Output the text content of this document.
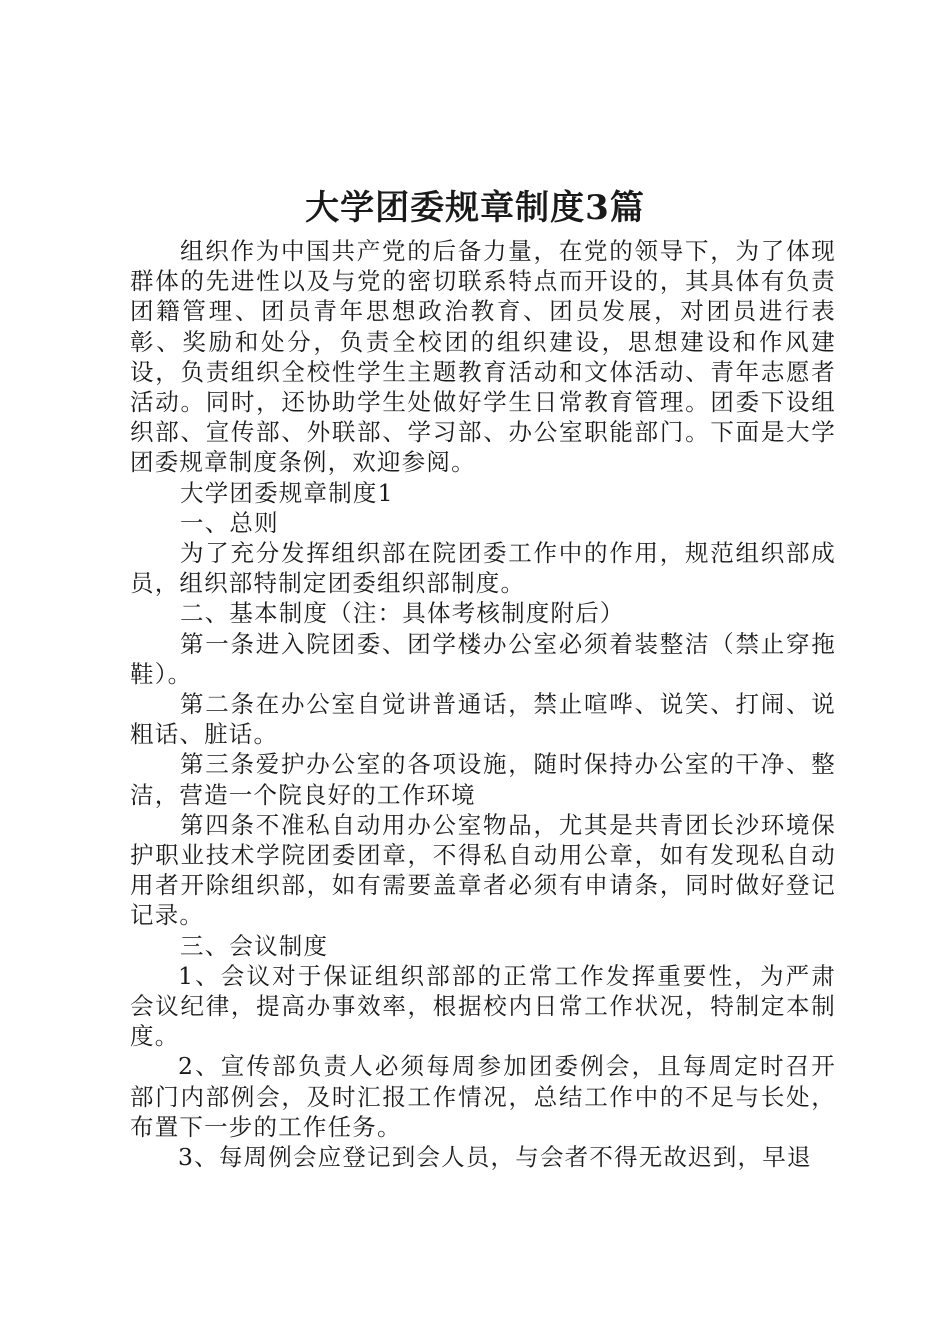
大学团委规章制度3篇

组织作为中国共产党的后备力量，在党的领导下，为了体现群体的先进性以及与党的密切联系特点而开设的，其具体有负责团籍管理、团员青年思想政治教育、团员发展，对团员进行表彰、奖励和处分，负责全校团的组织建设，思想建设和作风建设，负责组织全校性学生主题教育活动和文体活动、青年志愿者活动。同时，还协助学生处做好学生日常教育管理。团委下设组织部、宣传部、外联部、学习部、办公室职能部门。下面是大学团委规章制度条例，欢迎参阅。

大学团委规章制度1

一、总则

为了充分发挥组织部在院团委工作中的作用，规范组织部成员，组织部特制定团委组织部制度。

二、基本制度（注：具体考核制度附后）

第一条进入院团委、团学楼办公室必须着装整洁（禁止穿拖鞋）。

第二条在办公室自觉讲普通话，禁止喧哗、说笑、打闹、说粗话、脏话。

第三条爱护办公室的各项设施，随时保持办公室的干净、整洁，营造一个院良好的工作环境

第四条不准私自动用办公室物品，尤其是共青团长沙环境保护职业技术学院团委团章，不得私自动用公章，如有发现私自动用者开除组织部，如有需要盖章者必须有申请条，同时做好登记记录。

三、会议制度

1、会议对于保证组织部部的正常工作发挥重要性，为严肃会议纪律，提高办事效率，根据校内日常工作状况，特制定本制度。

2、宣传部负责人必须每周参加团委例会，且每周定时召开部门内部例会，及时汇报工作情况，总结工作中的不足与长处，布置下一步的工作任务。

3、每周例会应登记到会人员，与会者不得无故迟到，早退
